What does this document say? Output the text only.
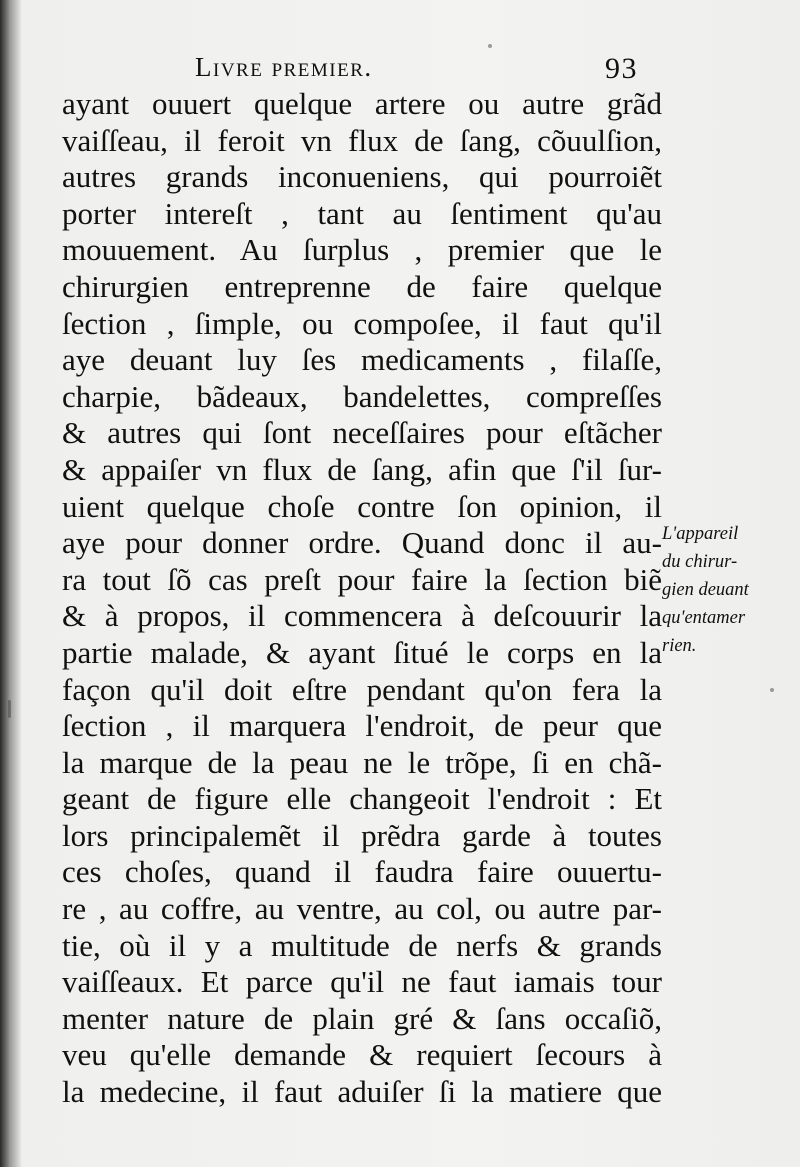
Livre premier.	93
ayant ouuert quelque artere ou autre grãd
vaiſſeau, il feroit vn flux de ſang, cõuulſion,
autres grands inconueniens, qui pourroiẽt
porter intereſt , tant au ſentiment qu'au
mouuement. Au ſurplus , premier que le
chirurgien entreprenne de faire quelque
ſection , ſimple, ou compoſee, il faut qu'il
aye deuant luy ſes medicaments , filaſſe,
charpie, bãdeaux, bandelettes, compreſſes
& autres qui ſont neceſſaires pour eſtãcher
& appaiſer vn flux de ſang, afin que ſ'il ſur-
uient quelque choſe contre ſon opinion, il
aye pour donner ordre. Quand donc il au-
ra tout ſõ cas preſt pour faire la ſection biẽ
& à propos, il commencera à deſcouurir la
partie malade, & ayant ſitué le corps en la
façon qu'il doit eſtre pendant qu'on fera la
ſection , il marquera l'endroit, de peur que
la marque de la peau ne le trõpe, ſi en chã-
geant de figure elle changeoit l'endroit : Et
lors principalemẽt il prẽdra garde à toutes
ces choſes, quand il faudra faire ouuertu-
re , au coffre, au ventre, au col, ou autre par-
tie, où il y a multitude de nerfs & grands
vaiſſeaux. Et parce qu'il ne faut iamais tour
menter nature de plain gré & ſans occaſiõ,
veu qu'elle demande & requiert ſecours à
la medecine, il faut aduiſer ſi la matiere que
L'appareil
du chirur-
gien deuant
qu'entamer
rien.
